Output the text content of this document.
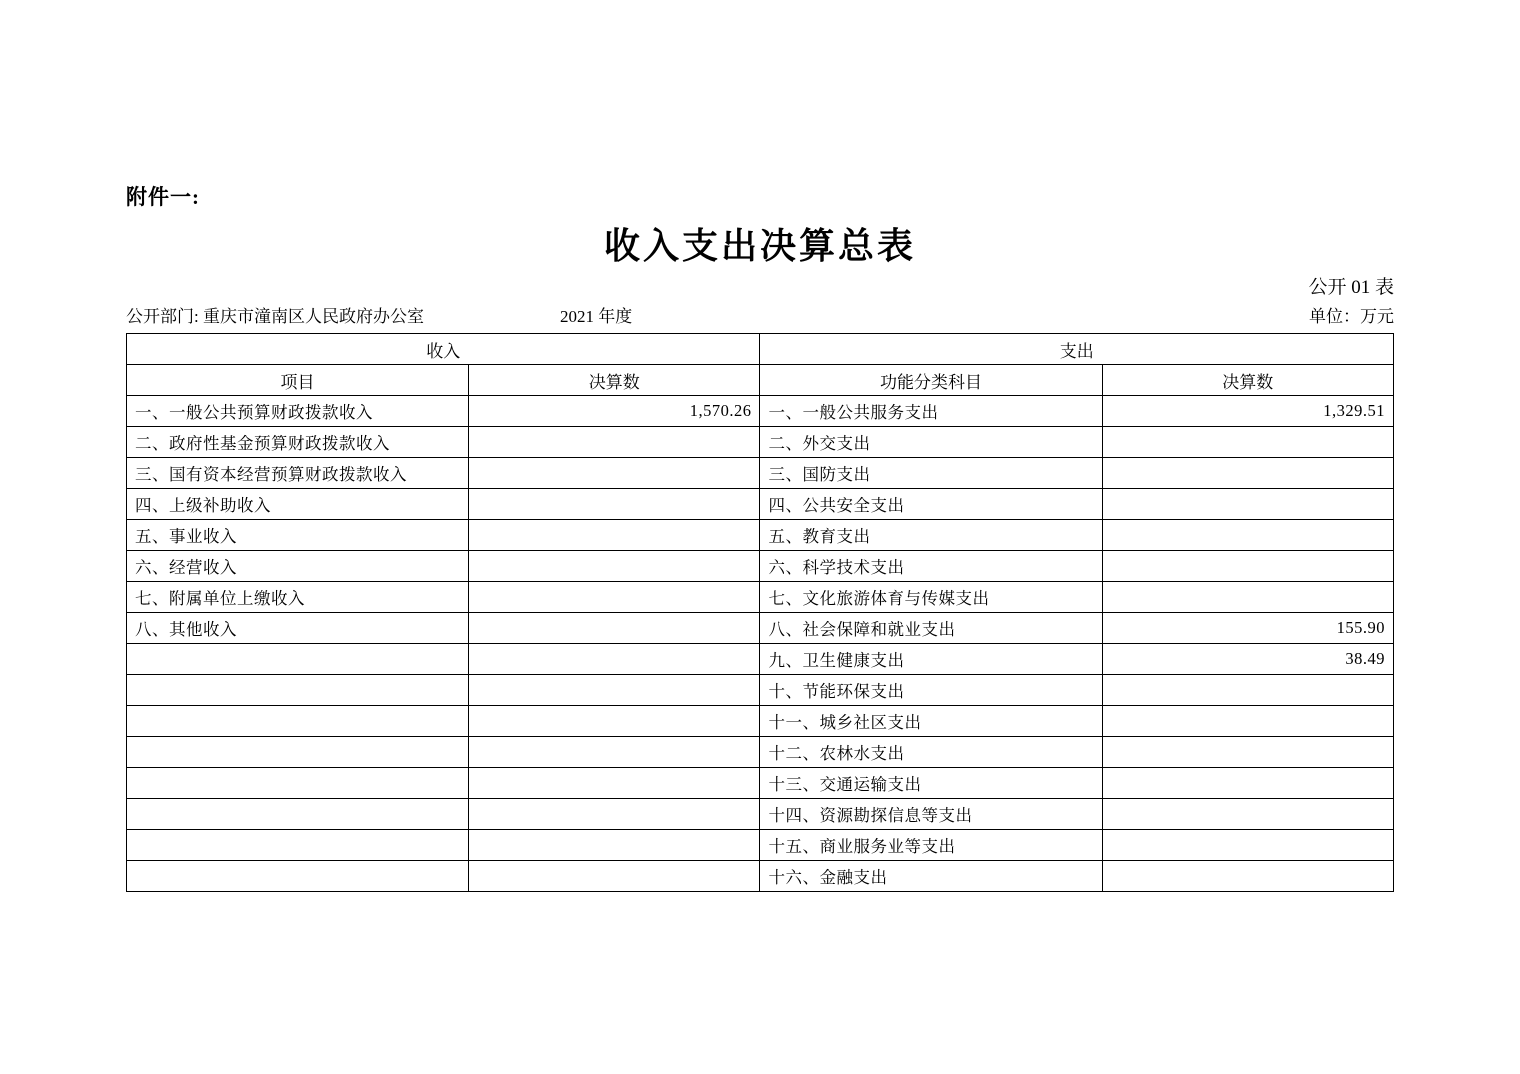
附件一:
收入支出决算总表
公开 01 表
公开部门: 重庆市潼南区人民政府办公室	2021 年度	单位：万元
收入		支出	
项目	决算数	功能分类科目	决算数
一、一般公共预算财政拨款收入	1,570.26	一、一般公共服务支出	1,329.51
二、政府性基金预算财政拨款收入		二、外交支出	
三、国有资本经营预算财政拨款收入		三、国防支出	
四、上级补助收入		四、公共安全支出	
五、事业收入		五、教育支出	
六、经营收入		六、科学技术支出	
七、附属单位上缴收入		七、文化旅游体育与传媒支出	
八、其他收入		八、社会保障和就业支出	155.90
		九、卫生健康支出	38.49
		十、节能环保支出	
		十一、城乡社区支出	
		十二、农林水支出	
		十三、交通运输支出	
		十四、资源勘探信息等支出	
		十五、商业服务业等支出	
		十六、金融支出	
